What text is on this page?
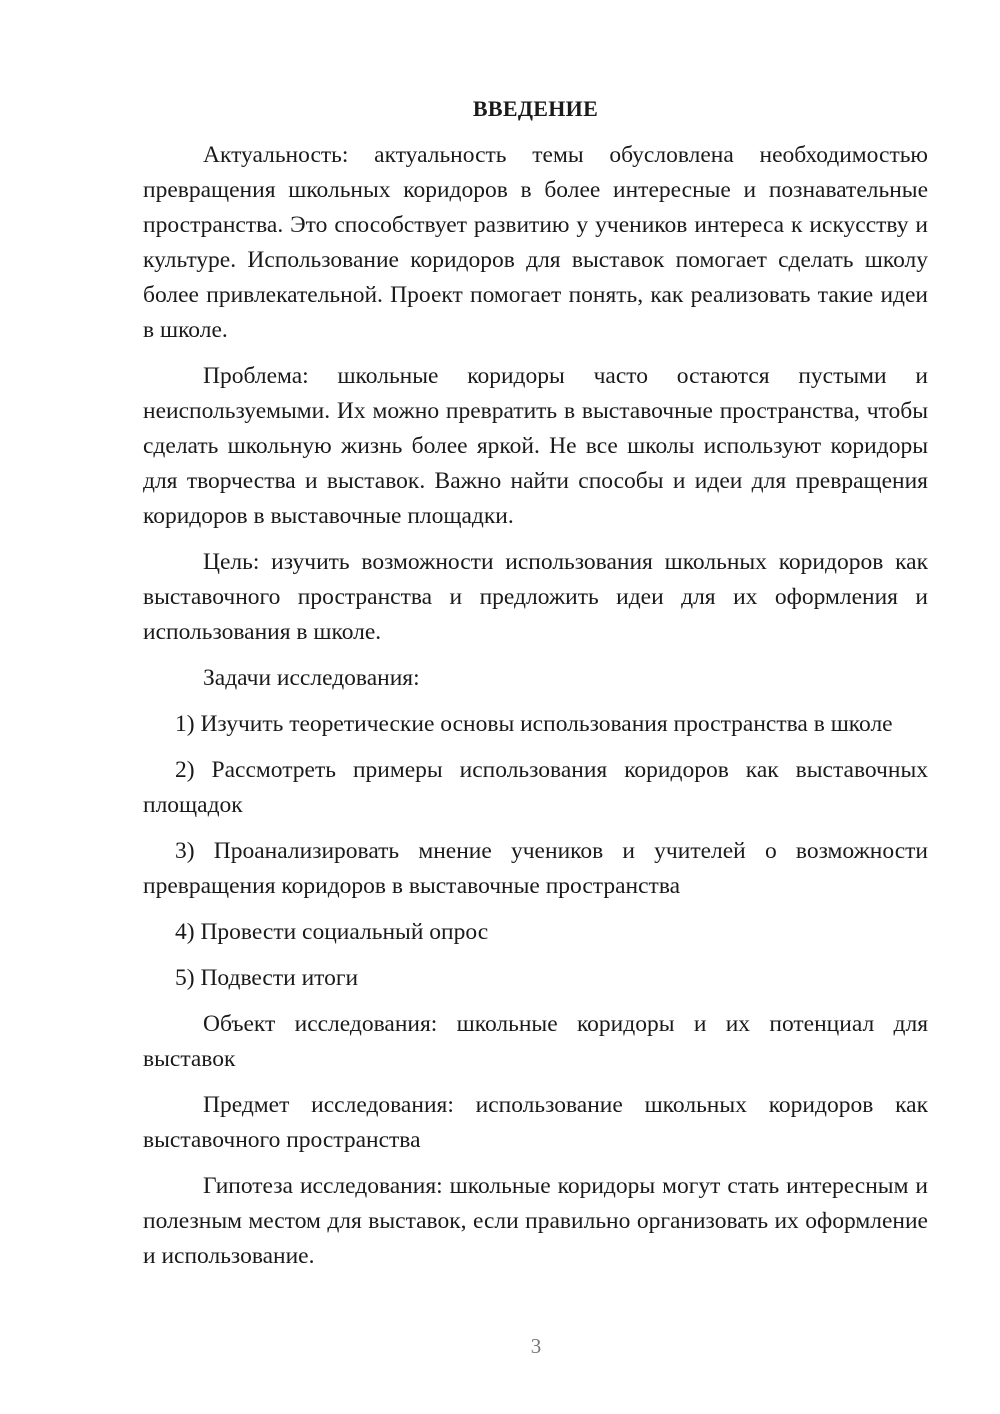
ВВЕДЕНИЕ

Актуальность: актуальность темы обусловлена необходимостью превращения школьных коридоров в более интересные и познавательные пространства. Это способствует развитию у учеников интереса к искусству и культуре. Использование коридоров для выставок помогает сделать школу более привлекательной. Проект помогает понять, как реализовать такие идеи в школе.

Проблема: школьные коридоры часто остаются пустыми и неиспользуемыми. Их можно превратить в выставочные пространства, чтобы сделать школьную жизнь более яркой. Не все школы используют коридоры для творчества и выставок. Важно найти способы и идеи для превращения коридоров в выставочные площадки.

Цель: изучить возможности использования школьных коридоров как выставочного пространства и предложить идеи для их оформления и использования в школе.

Задачи исследования:

1) Изучить теоретические основы использования пространства в школе

2) Рассмотреть примеры использования коридоров как выставочных площадок

3) Проанализировать мнение учеников и учителей о возможности превращения коридоров в выставочные пространства

4) Провести социальный опрос

5) Подвести итоги

Объект исследования: школьные коридоры и их потенциал для выставок

Предмет исследования: использование школьных коридоров как выставочного пространства

Гипотеза исследования: школьные коридоры могут стать интересным и полезным местом для выставок, если правильно организовать их оформление и использование.

3
